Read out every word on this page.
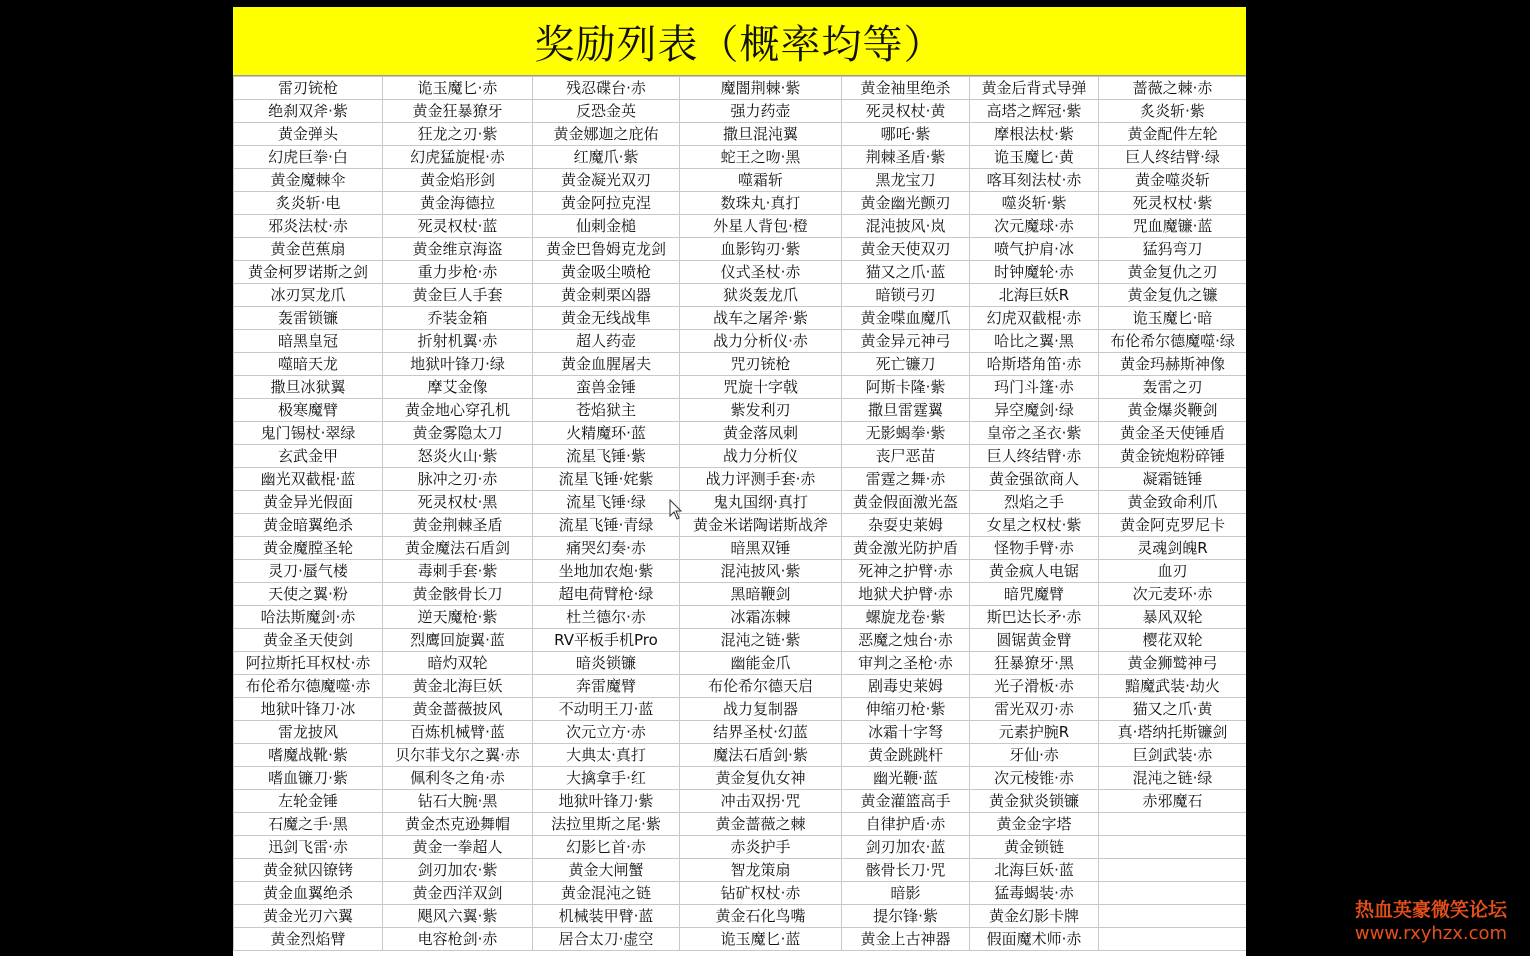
奖励列表（概率均等）
雷刃铳枪	诡玉魔匕·赤	残忍碟台·赤	魔闇荆棘·紫	黄金袖里绝杀	黄金后背式导弹	蔷薇之棘·赤
绝刹双斧·紫	黄金狂暴獠牙	反恐金英	强力药壶	死灵权杖·黄	高塔之辉冠·紫	炙炎斩·紫
黄金弹头	狂龙之刃·紫	黄金娜迦之庇佑	撒旦混沌翼	哪吒·紫	摩根法杖·紫	黄金配件左轮
幻虎巨拳·白	幻虎猛旋棍·赤	红魔爪·紫	蛇王之吻·黑	荆棘圣盾·紫	诡玉魔匕·黄	巨人终结臂·绿
黄金魔棘伞	黄金焰形剑	黄金凝光双刃	噬霜斩	黑龙宝刀	喀耳刻法杖·赤	黄金噬炎斩
炙炎斩·电	黄金海德拉	黄金阿拉克涅	数珠丸·真打	黄金幽光颤刃	噬炎斩·紫	死灵权杖·紫
邪炎法杖·赤	死灵权杖·蓝	仙刺金槌	外星人背包·橙	混沌披风·岚	次元魔球·赤	咒血魔镰·蓝
黄金芭蕉扇	黄金维京海盗	黄金巴鲁姆克龙剑	血影钩刃·紫	黄金天使双刃	喷气护肩·冰	猛犸弯刀
黄金柯罗诺斯之剑	重力步枪·赤	黄金吸尘喷枪	仪式圣杖·赤	猫又之爪·蓝	时钟魔轮·赤	黄金复仇之刃
冰刃冥龙爪	黄金巨人手套	黄金刺栗凶器	狱炎轰龙爪	暗锁弓刃	北海巨妖R	黄金复仇之镰
轰雷锁镰	乔装金箱	黄金无线战隼	战车之屠斧·紫	黄金喋血魔爪	幻虎双截棍·赤	诡玉魔匕·暗
暗黑皇冠	折射机翼·赤	超人药壶	战力分析仪·赤	黄金异元神弓	哈比之翼·黑	布伦希尔德魔噬·绿
噬暗天龙	地狱叶锋刀·绿	黄金血腥屠夫	咒刃铳枪	死亡镰刀	哈斯塔角笛·赤	黄金玛赫斯神像
撒旦冰狱翼	摩艾金像	蛮兽金锤	咒旋十字戟	阿斯卡隆·紫	玛门斗篷·赤	轰雷之刃
极寒魔臂	黄金地心穿孔机	苍焰狱主	紫发利刃	撒旦雷霆翼	异空魔剑·绿	黄金爆炎鞭剑
鬼门锡杖·翠绿	黄金雾隐太刀	火精魔环·蓝	黄金落凤刺	无影蝎拳·紫	皇帝之圣衣·紫	黄金圣天使锤盾
玄武金甲	怒炎火山·紫	流星飞锤·紫	战力分析仪	丧尸恶苗	巨人终结臂·赤	黄金铳炮粉碎锤
幽光双截棍·蓝	脉冲之刃·赤	流星飞锤·姹紫	战力评测手套·赤	雷霆之舞·赤	黄金强欲商人	凝霜链锤
黄金异光假面	死灵权杖·黑	流星飞锤·绿	鬼丸国纲·真打	黄金假面激光盔	烈焰之手	黄金致命利爪
黄金暗翼绝杀	黄金荆棘圣盾	流星飞锤·青绿	黄金米诺陶诺斯战斧	杂耍史莱姆	女星之权杖·紫	黄金阿克罗尼卡
黄金魔膛圣轮	黄金魔法石盾剑	痛哭幻奏·赤	暗黑双锤	黄金激光防护盾	怪物手臂·赤	灵魂剑魄R
灵刀·蜃气楼	毒刺手套·紫	坐地加农炮·紫	混沌披风·紫	死神之护臂·赤	黄金疯人电锯	血刃
天使之翼·粉	黄金骸骨长刀	超电荷臂枪·绿	黑暗鞭剑	地狱犬护臂·赤	暗咒魔臂	次元麦环·赤
哈法斯魔剑·赤	逆天魔枪·紫	杜兰德尔·赤	冰霜冻棘	螺旋龙卷·紫	斯巴达长矛·赤	暴风双轮
黄金圣天使剑	烈鹰回旋翼·蓝	RV平板手机Pro	混沌之链·紫	恶魔之烛台·赤	圆锯黄金臂	樱花双轮
阿拉斯托耳权杖·赤	暗灼双轮	暗炎锁镰	幽能金爪	审判之圣枪·赤	狂暴獠牙·黑	黄金狮鹫神弓
布伦希尔德魔噬·赤	黄金北海巨妖	奔雷魔臂	布伦希尔德天启	剧毒史莱姆	光子滑板·赤	黯魔武装·劫火
地狱叶锋刀·冰	黄金蔷薇披风	不动明王刀·蓝	战力复制器	伸缩刃枪·紫	雷光双刃·赤	猫又之爪·黄
雷龙披风	百炼机械臂·蓝	次元立方·赤	结界圣杖·幻蓝	冰霜十字弩	元素护腕R	真·塔纳托斯镰剑
嗜魔战靴·紫	贝尔菲戈尔之翼·赤	大典太·真打	魔法石盾剑·紫	黄金跳跳杆	牙仙·赤	巨剑武装·赤
嗜血镰刀·紫	佩利冬之角·赤	大擒拿手·红	黄金复仇女神	幽光鞭·蓝	次元棱锥·赤	混沌之链·绿
左轮金锤	钻石大腕·黑	地狱叶锋刀·紫	冲击双拐·咒	黄金灌篮高手	黄金狱炎锁镰	赤邪魔石
石魔之手·黑	黄金杰克逊舞帽	法拉里斯之尾·紫	黄金蔷薇之棘	自律护盾·赤	黄金金字塔	
迅剑飞雷·赤	黄金一拳超人	幻影匕首·赤	赤炎护手	剑刃加农·蓝	黄金锁链	
黄金狱囚镣铐	剑刃加农·紫	黄金大闸蟹	智龙策扇	骸骨长刀·咒	北海巨妖·蓝	
黄金血翼绝杀	黄金西洋双剑	黄金混沌之链	钻矿权杖·赤	暗影	猛毒蝎装·赤	
黄金光刃六翼	飓风六翼·紫	机械装甲臂·蓝	黄金石化鸟嘴	提尔锋·紫	黄金幻影卡牌	
黄金烈焰臂	电容枪剑·赤	居合太刀·虚空	诡玉魔匕·蓝	黄金上古神器	假面魔术师·赤	
热血英豪微笑论坛
www.rxyhzx.com
